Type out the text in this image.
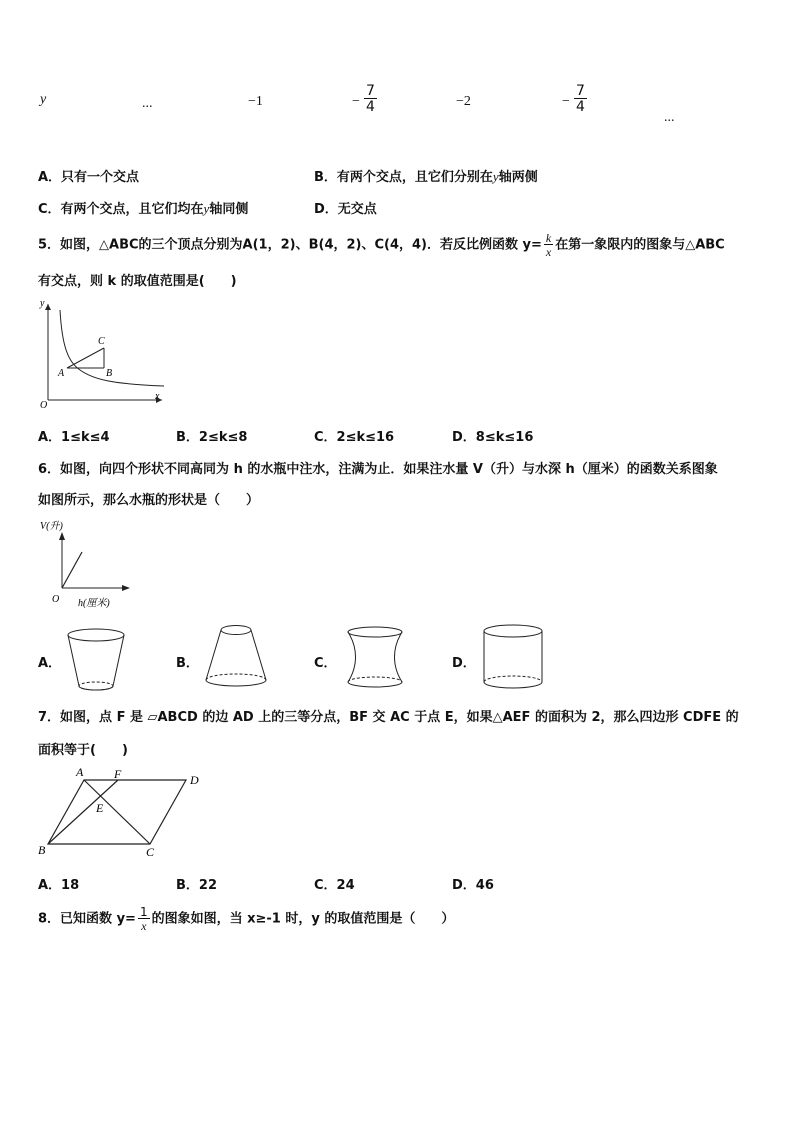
y	...	−1	− $\frac{7}{4}$	−2	− $\frac{7}{4}$
...
A．只有一个交点	B．有两个交点，且它们分别在y轴两侧
C．有两个交点，且它们均在y轴同侧	D．无交点
5．如图，△ABC的三个顶点分别为A(1，2)、B(4，2)、C(4，4)．若反比例函数 $y= \frac{k}{x}$ 在第一象限内的图象与△ABC
有交点，则 k 的取值范围是(　　)
y
x
O
A	B
C
A．1≤k≤4	B．2≤k≤8	C．2≤k≤16	D．8≤k≤16
6．如图，向四个形状不同高同为 h 的水瓶中注水，注满为止．如果注水量 V（升）与水深 h（厘米）的函数关系图象
如图所示，那么水瓶的形状是（　　）
V(升)
O h(厘米)
A．	B．	C．	D．
7．如图，点 F 是 ▱ABCD 的边 AD 上的三等分点，BF 交 AC 于点 E，如果△AEF 的面积为 2，那么四边形 CDFE 的
面积等于(　　)
A	F	D
E
B	C
A．18	B．22	C．24	D．46
8．已知函数 $y= \frac{1}{x}$ 的图象如图，当 x≥-1 时，y 的取值范围是（　　）
